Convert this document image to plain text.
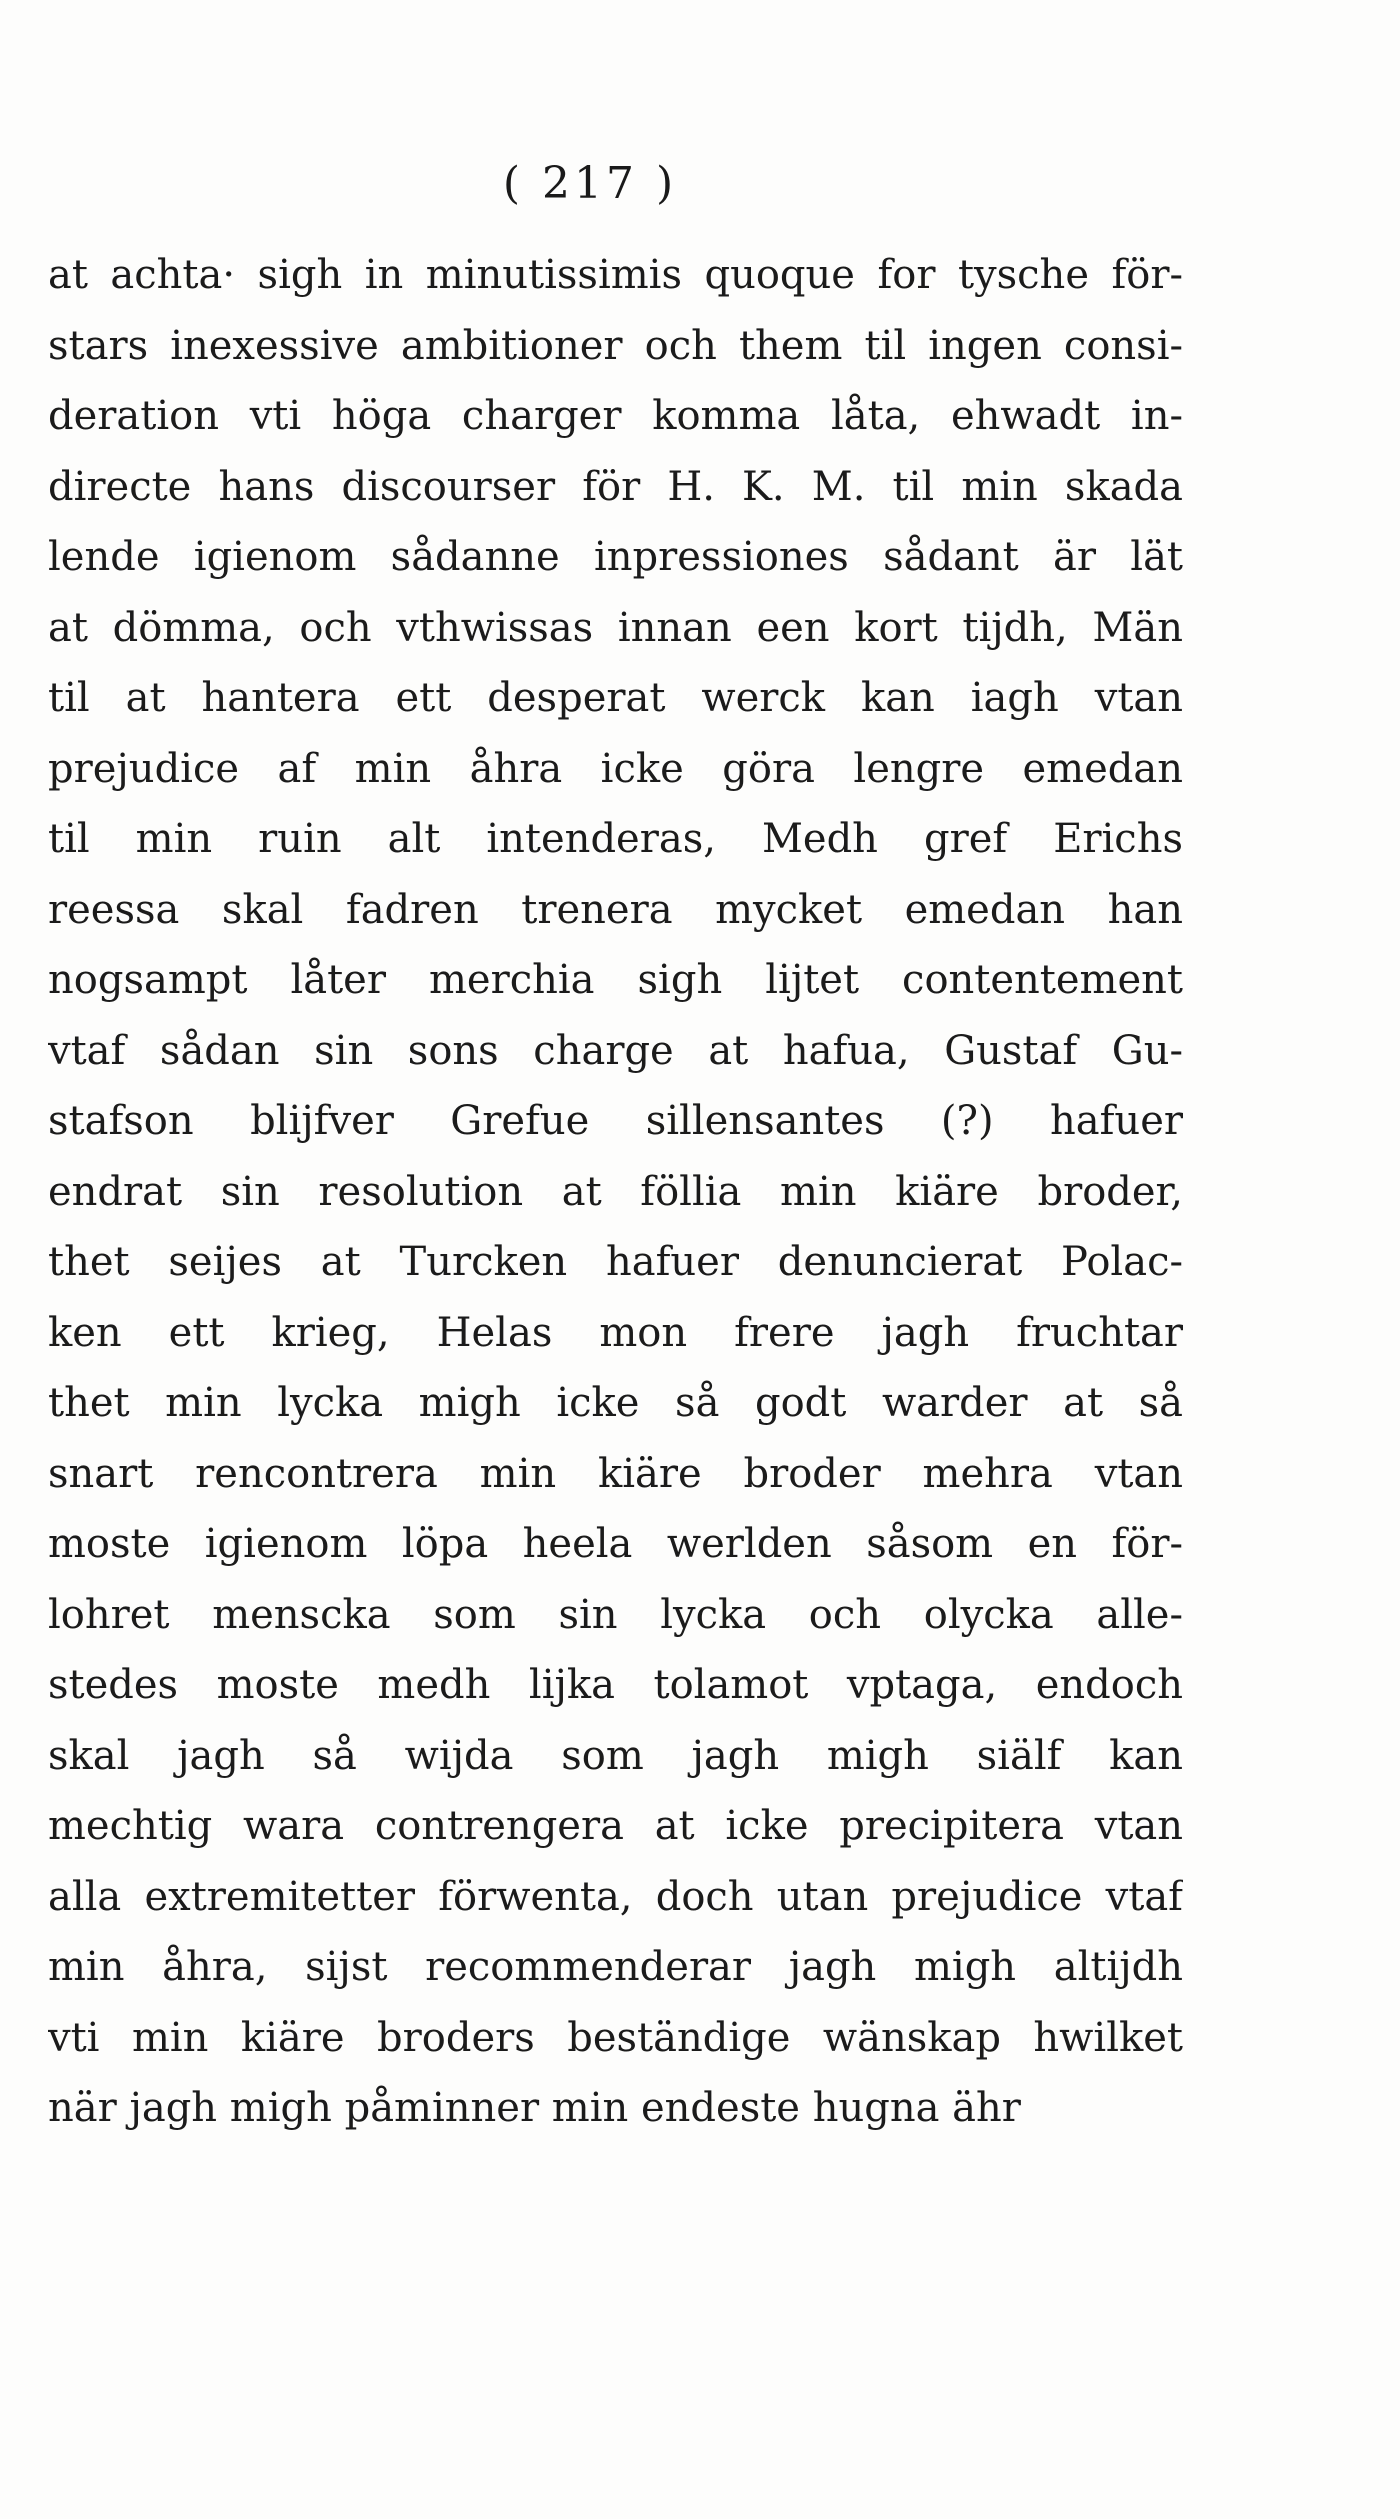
( 217 )
at achta· sigh in minutissimis quoque for tysche för-
stars inexessive ambitioner och them til ingen consi-
deration vti höga charger komma låta, ehwadt in-
directe hans discourser för H. K. M. til min skada
lende igienom sådanne inpressiones sådant är lät
at dömma, och vthwissas innan een kort tijdh, Män
til at hantera ett desperat werck kan iagh vtan
prejudice af min åhra icke göra lengre emedan
til min ruin alt intenderas, Medh gref Erichs
reessa skal fadren trenera mycket emedan han
nogsampt låter merchia sigh lijtet contentement
vtaf sådan sin sons charge at hafua, Gustaf Gu-
stafson blijfver Grefue sillensantes (?) hafuer
endrat sin resolution at föllia min kiäre broder,
thet seijes at Turcken hafuer denuncierat Polac-
ken ett krieg, Helas mon frere jagh fruchtar
thet min lycka migh icke så godt warder at så
snart rencontrera min kiäre broder mehra vtan
moste igienom löpa heela werlden såsom en för-
lohret menscka som sin lycka och olycka alle-
stedes moste medh lijka tolamot vptaga, endoch
skal jagh så wijda som jagh migh siälf kan
mechtig wara contrengera at icke precipitera vtan
alla extremitetter förwenta, doch utan prejudice vtaf
min åhra, sijst recommenderar jagh migh altijdh
vti min kiäre broders beständige wänskap hwilket
när jagh migh påminner min endeste hugna ähr
